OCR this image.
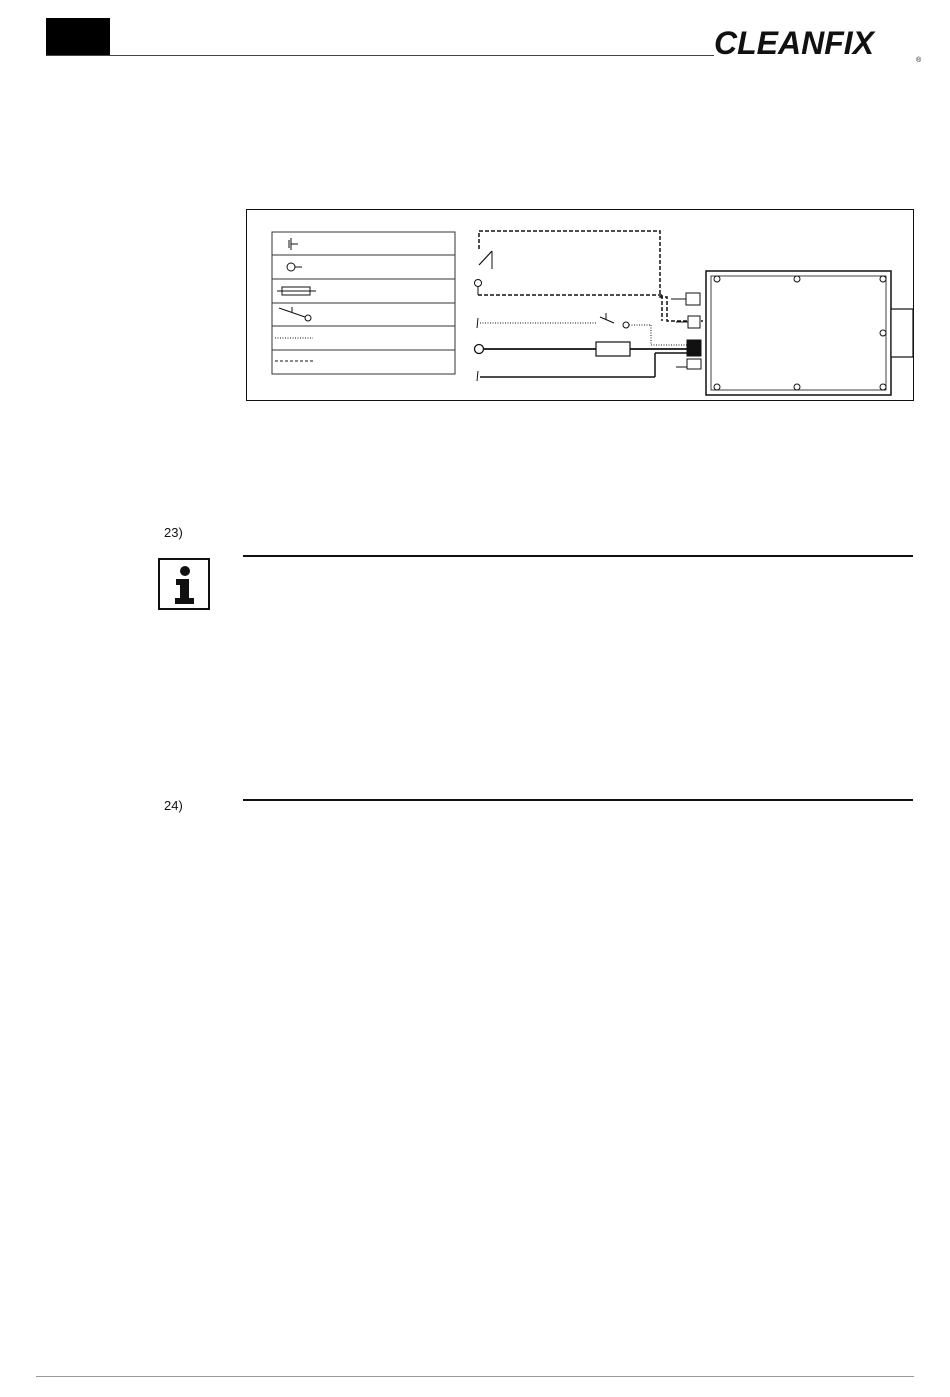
CLEANFIX	®
23)
24)
